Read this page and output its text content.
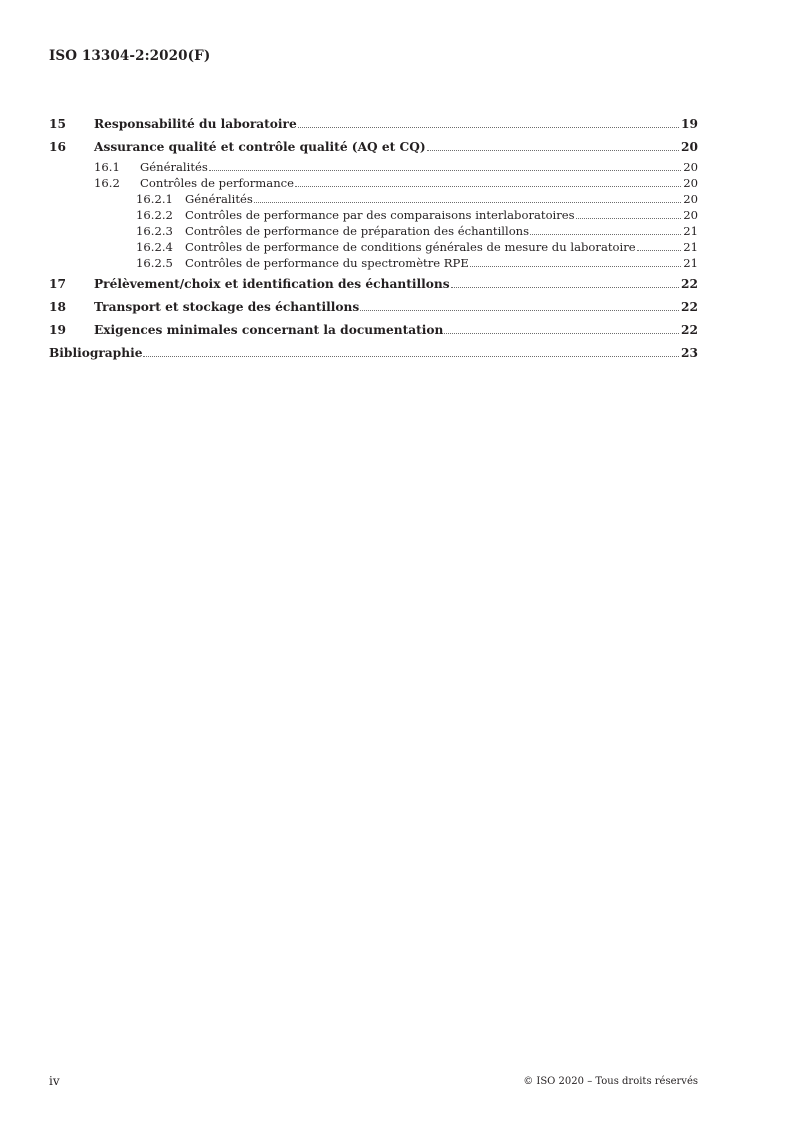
ISO 13304-2:2020(F)
15	Responsabilité du laboratoire	19
16	Assurance qualité et contrôle qualité (AQ et CQ)	20
16.1	Généralités	20
16.2	Contrôles de performance	20
16.2.1	Généralités	20
16.2.2	Contrôles de performance par des comparaisons interlaboratoires	20
16.2.3	Contrôles de performance de préparation des échantillons	21
16.2.4	Contrôles de performance de conditions générales de mesure du laboratoire	21
16.2.5	Contrôles de performance du spectromètre RPE	21
17	Prélèvement/choix et identification des échantillons	22
18	Transport et stockage des échantillons	22
19	Exigences minimales concernant la documentation	22
Bibliographie	23
iv	© ISO 2020 – Tous droits réservés
